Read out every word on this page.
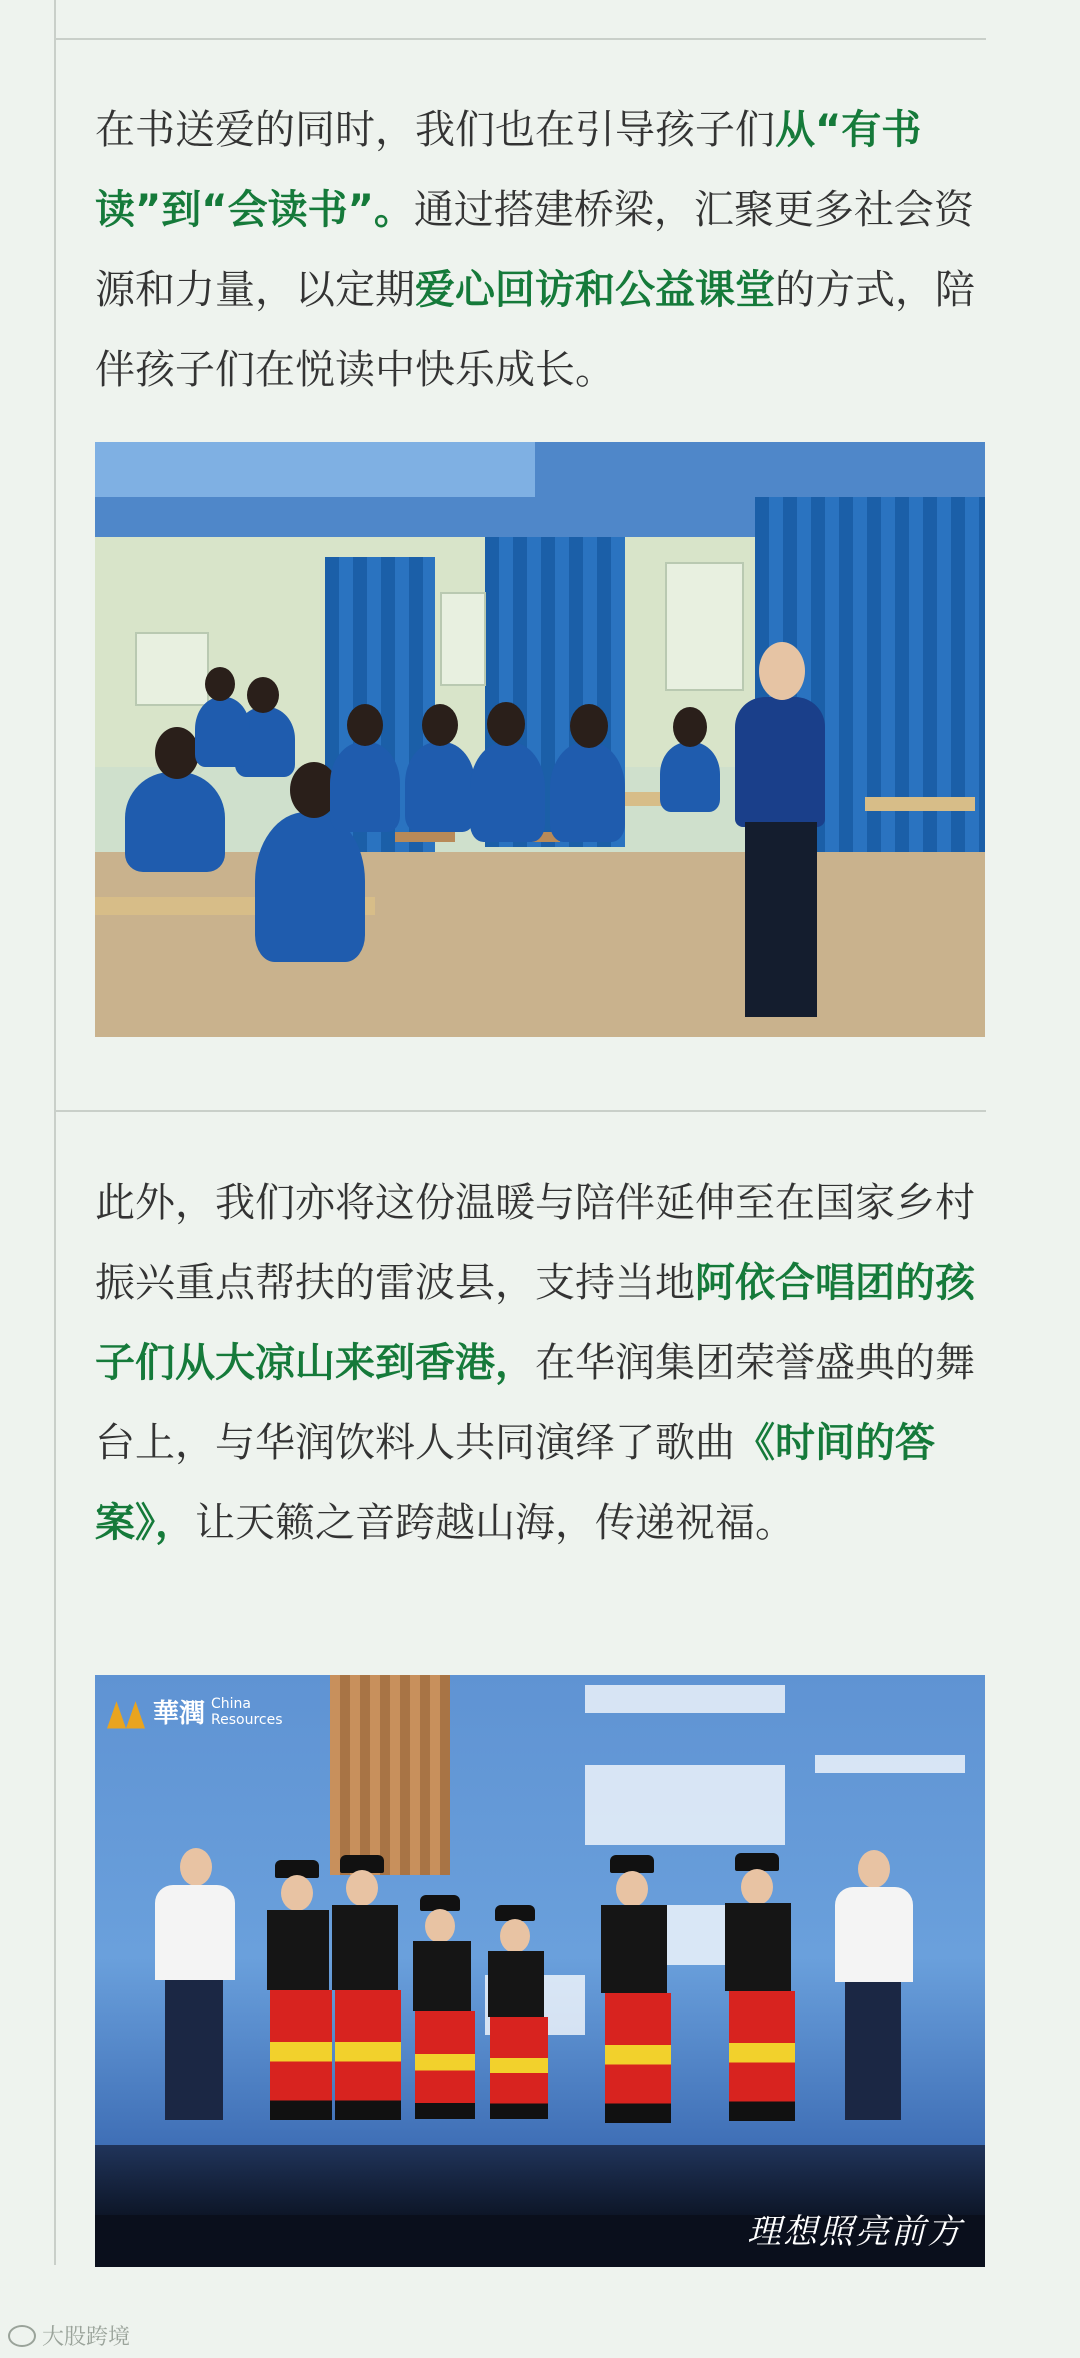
在书送爱的同时，我们也在引导孩子们从“有书读”到“会读书”。通过搭建桥梁，汇聚更多社会资源和力量，以定期爱心回访和公益课堂的方式，陪伴孩子们在悦读中快乐成长。

此外，我们亦将这份温暖与陪伴延伸至在国家乡村振兴重点帮扶的雷波县，支持当地阿依合唱团的孩子们从大凉山来到香港，在华润集团荣誉盛典的舞台上，与华润饮料人共同演绎了歌曲《时间的答案》，让天籁之音跨越山海，传递祝福。

華潤 China
Resources
理想照亮前方
大股跨境
